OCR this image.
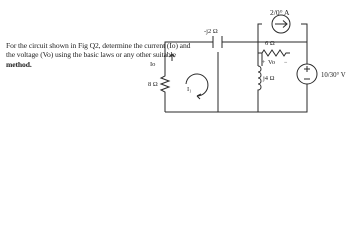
For the circuit shown in Fig Q2, determine the current (Io) and
the voltage (Vo) using the basic laws or any other suitable
method.
2/0° A
6 Ω
-j2 Ω
j4 Ω
8 Ω
Io	+ Vo −
I₁
10/30° V
